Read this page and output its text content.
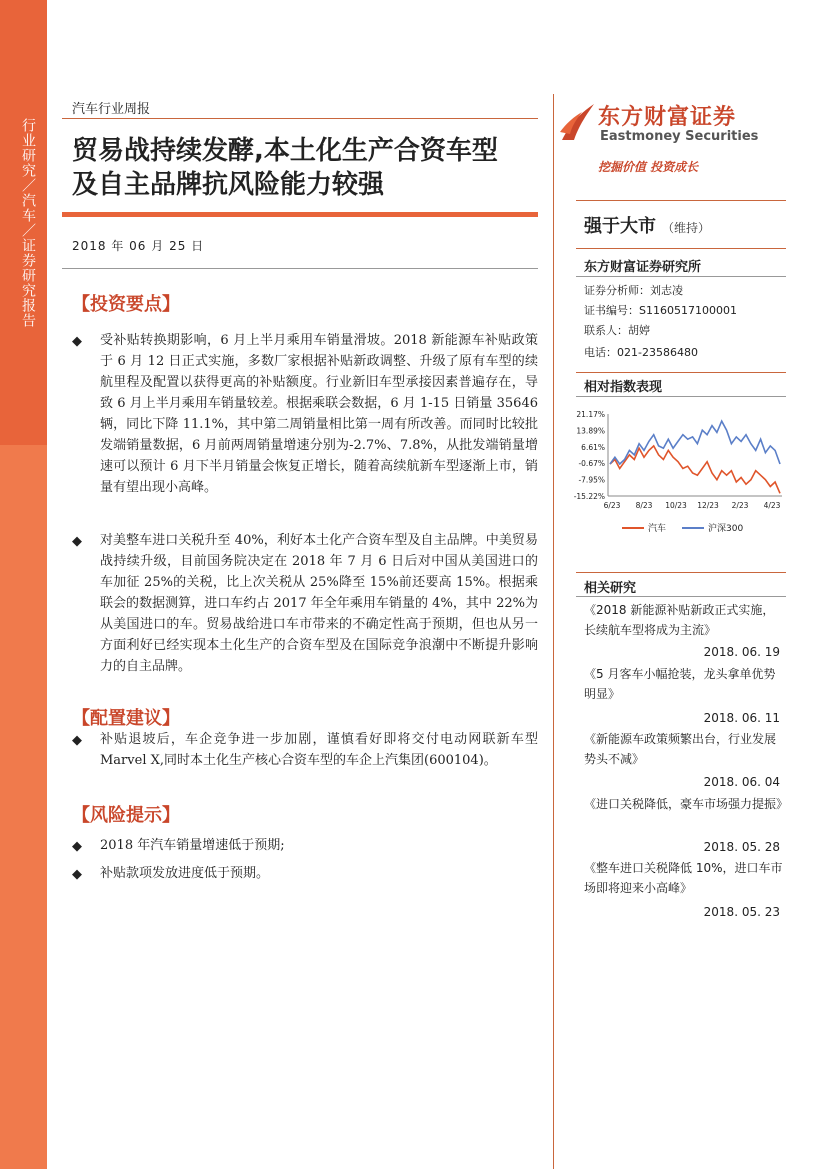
行业研究／汽车／证券研究报告
汽车行业周报
贸易战持续发酵,本土化生产合资车型
及自主品牌抗风险能力较强
2018 年 06 月 25 日
【投资要点】
◆ 受补贴转换期影响，6 月上半月乘用车销量滑坡。2018 新能源车补贴政策于 6 月 12 日正式实施，多数厂家根据补贴新政调整、升级了原有车型的续航里程及配置以获得更高的补贴额度。行业新旧车型承接因素普遍存在，导致 6 月上半月乘用车销量较差。根据乘联会数据，6 月 1-15 日销量 35646 辆，同比下降 11.1%，其中第二周销量相比第一周有所改善。而同时比较批发端销量数据，6 月前两周销量增速分别为-2.7%、7.8%，从批发端销量增速可以预计 6 月下半月销量会恢复正增长，随着高续航新车型逐渐上市，销量有望出现小高峰。
◆ 对美整车进口关税升至 40%，利好本土化产合资车型及自主品牌。中美贸易战持续升级，目前国务院决定在 2018 年 7 月 6 日后对中国从美国进口的车加征 25%的关税，比上次关税从 25%降至 15%前还要高 15%。根据乘联会的数据测算，进口车约占 2017 年全年乘用车销量的 4%，其中 22%为从美国进口的车。贸易战给进口车市带来的不确定性高于预期，但也从另一方面利好已经实现本土化生产的合资车型及在国际竞争浪潮中不断提升影响力的自主品牌。
【配置建议】
◆ 补贴退坡后，车企竞争进一步加剧，谨慎看好即将交付电动网联新车型Marvel X,同时本土化生产核心合资车型的车企上汽集团(600104)。
【风险提示】
◆ 2018 年汽车销量增速低于预期;
◆ 补贴款项发放进度低于预期。
东方财富证券
Eastmoney Securities
挖掘价值 投资成长
强于大市 （维持）
东方财富证券研究所
证券分析师：刘志凌
证书编号：S1160517100001
联系人：胡婷
电话：021-23586480
相对指数表现
21.17%
13.89%
6.61%
-0.67%
-7.95%
-15.22%
6/23 8/23 10/23 12/23 2/23 4/23
汽车	沪深300
相关研究
《2018 新能源补贴新政正式实施，长续航车型将成为主流》
2018. 06. 19
《5 月客车小幅抢装，龙头拿单优势明显》
2018. 06. 11
《新能源车政策频繁出台，行业发展势头不减》
2018. 06. 04
《进口关税降低，豪车市场强力提振》
2018. 05. 28
《整车进口关税降低 10%，进口车市场即将迎来小高峰》
2018. 05. 23
